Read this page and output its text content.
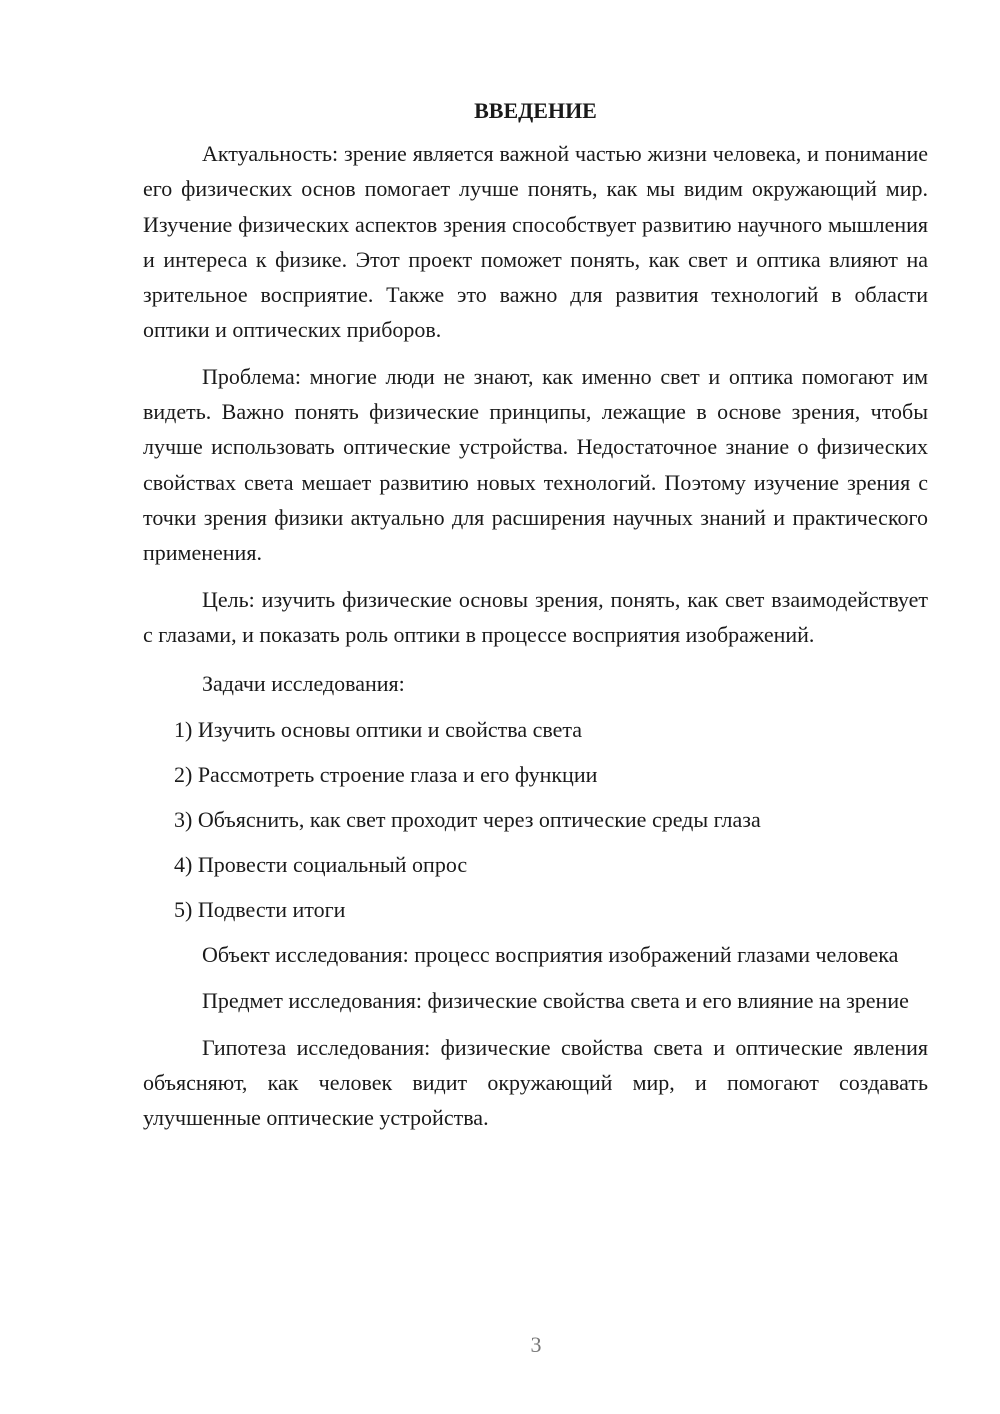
ВВЕДЕНИЕ

Актуальность: зрение является важной частью жизни человека, и понимание его физических основ помогает лучше понять, как мы видим окружающий мир. Изучение физических аспектов зрения способствует развитию научного мышления и интереса к физике. Этот проект поможет понять, как свет и оптика влияют на зрительное восприятие. Также это важно для развития технологий в области оптики и оптических приборов.

Проблема: многие люди не знают, как именно свет и оптика помогают им видеть. Важно понять физические принципы, лежащие в основе зрения, чтобы лучше использовать оптические устройства. Недостаточное знание о физических свойствах света мешает развитию новых технологий. Поэтому изучение зрения с точки зрения физики актуально для расширения научных знаний и практического применения.

Цель: изучить физические основы зрения, понять, как свет взаимодействует с глазами, и показать роль оптики в процессе восприятия изображений.

Задачи исследования:

1) Изучить основы оптики и свойства света

2) Рассмотреть строение глаза и его функции

3) Объяснить, как свет проходит через оптические среды глаза

4) Провести социальный опрос

5) Подвести итоги

Объект исследования: процесс восприятия изображений глазами человека

Предмет исследования: физические свойства света и его влияние на зрение

Гипотеза исследования: физические свойства света и оптические явления объясняют, как человек видит окружающий мир, и помогают создавать улучшенные оптические устройства.

3
